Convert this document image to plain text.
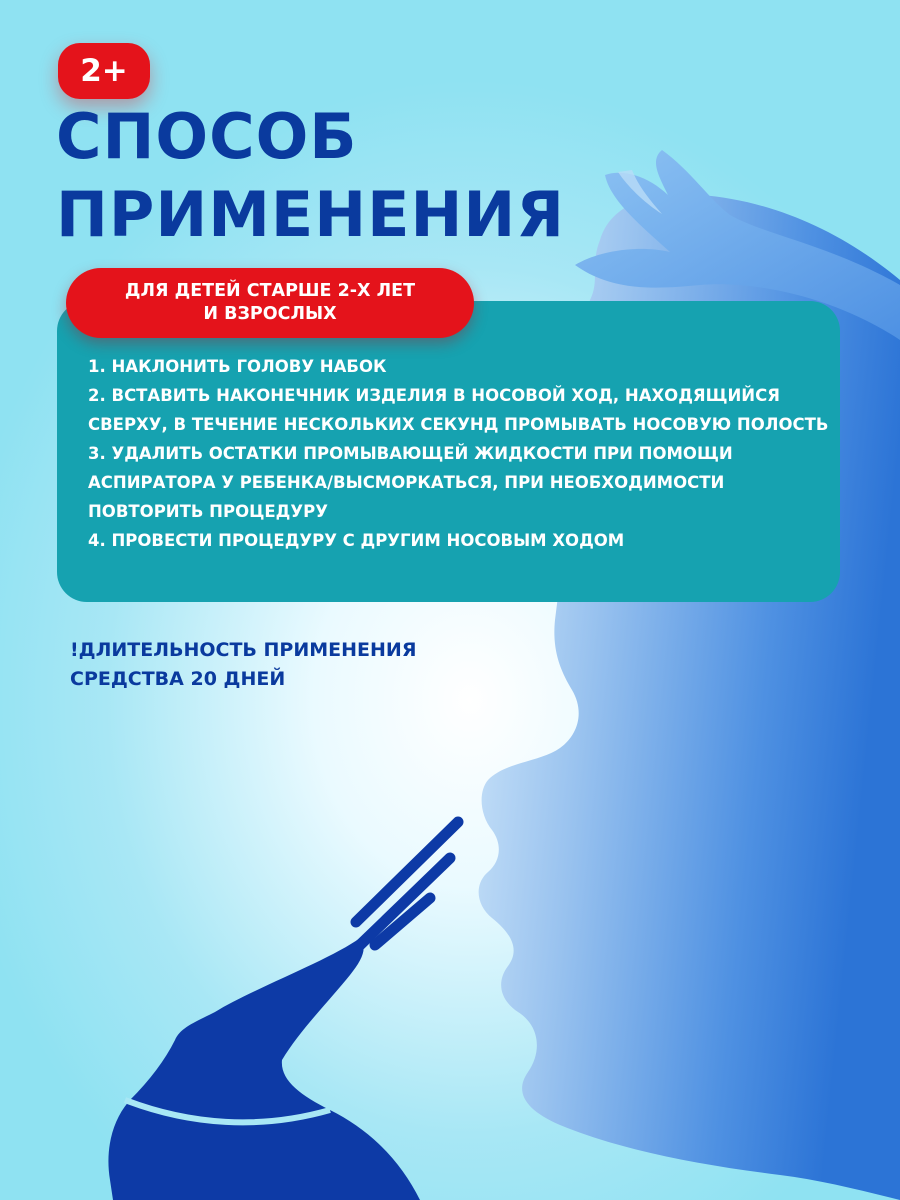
2+
СПОСОБ
ПРИМЕНЕНИЯ
ДЛЯ ДЕТЕЙ СТАРШЕ 2-Х ЛЕТ
И ВЗРОСЛЫХ
1. НАКЛОНИТЬ ГОЛОВУ НАБОК
2. ВСТАВИТЬ НАКОНЕЧНИК ИЗДЕЛИЯ В НОСОВОЙ ХОД, НАХОДЯЩИЙСЯ СВЕРХУ, В ТЕЧЕНИЕ НЕСКОЛЬКИХ СЕКУНД ПРОМЫВАТЬ НОСОВУЮ ПОЛОСТЬ
3. УДАЛИТЬ ОСТАТКИ ПРОМЫВАЮЩЕЙ ЖИДКОСТИ ПРИ ПОМОЩИ АСПИРАТОРА У РЕБЕНКА/ВЫСМОРКАТЬСЯ, ПРИ НЕОБХОДИМОСТИ ПОВТОРИТЬ ПРОЦЕДУРУ
4. ПРОВЕСТИ ПРОЦЕДУРУ С ДРУГИМ НОСОВЫМ ХОДОМ
!ДЛИТЕЛЬНОСТЬ ПРИМЕНЕНИЯ
СРЕДСТВА 20 ДНЕЙ
